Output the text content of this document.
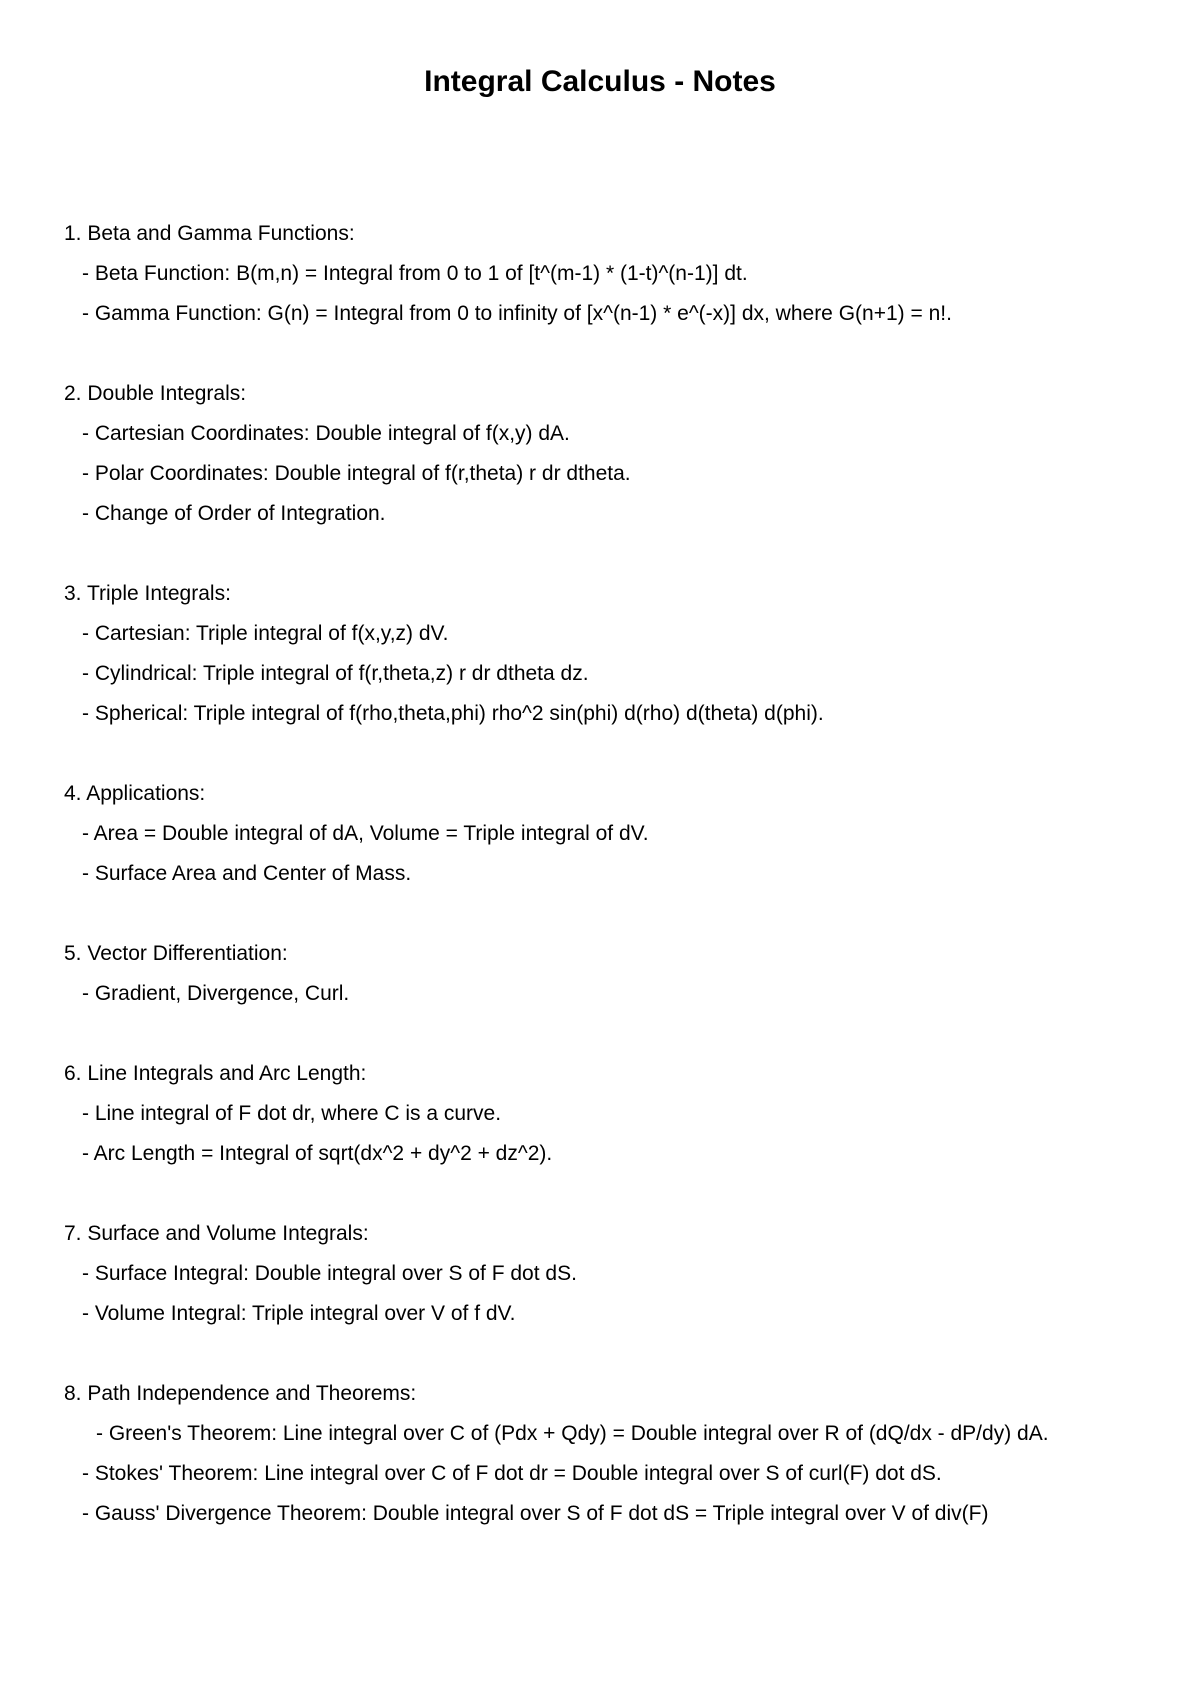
Integral Calculus - Notes

1. Beta and Gamma Functions:

- Beta Function: B(m,n) = Integral from 0 to 1 of [t^(m-1) * (1-t)^(n-1)] dt.

- Gamma Function: G(n) = Integral from 0 to infinity of [x^(n-1) * e^(-x)] dx, where G(n+1) = n!.

2. Double Integrals:

- Cartesian Coordinates: Double integral of f(x,y) dA.

- Polar Coordinates: Double integral of f(r,theta) r dr dtheta.

- Change of Order of Integration.

3. Triple Integrals:

- Cartesian: Triple integral of f(x,y,z) dV.

- Cylindrical: Triple integral of f(r,theta,z) r dr dtheta dz.

- Spherical: Triple integral of f(rho,theta,phi) rho^2 sin(phi) d(rho) d(theta) d(phi).

4. Applications:

- Area = Double integral of dA, Volume = Triple integral of dV.

- Surface Area and Center of Mass.

5. Vector Differentiation:

- Gradient, Divergence, Curl.

6. Line Integrals and Arc Length:

- Line integral of F dot dr, where C is a curve.

- Arc Length = Integral of sqrt(dx^2 + dy^2 + dz^2).

7. Surface and Volume Integrals:

- Surface Integral: Double integral over S of F dot dS.

- Volume Integral: Triple integral over V of f dV.

8. Path Independence and Theorems:

- Green's Theorem: Line integral over C of (Pdx + Qdy) = Double integral over R of (dQ/dx - dP/dy) dA.

- Stokes' Theorem: Line integral over C of F dot dr = Double integral over S of curl(F) dot dS.

- Gauss' Divergence Theorem: Double integral over S of F dot dS = Triple integral over V of div(F)
